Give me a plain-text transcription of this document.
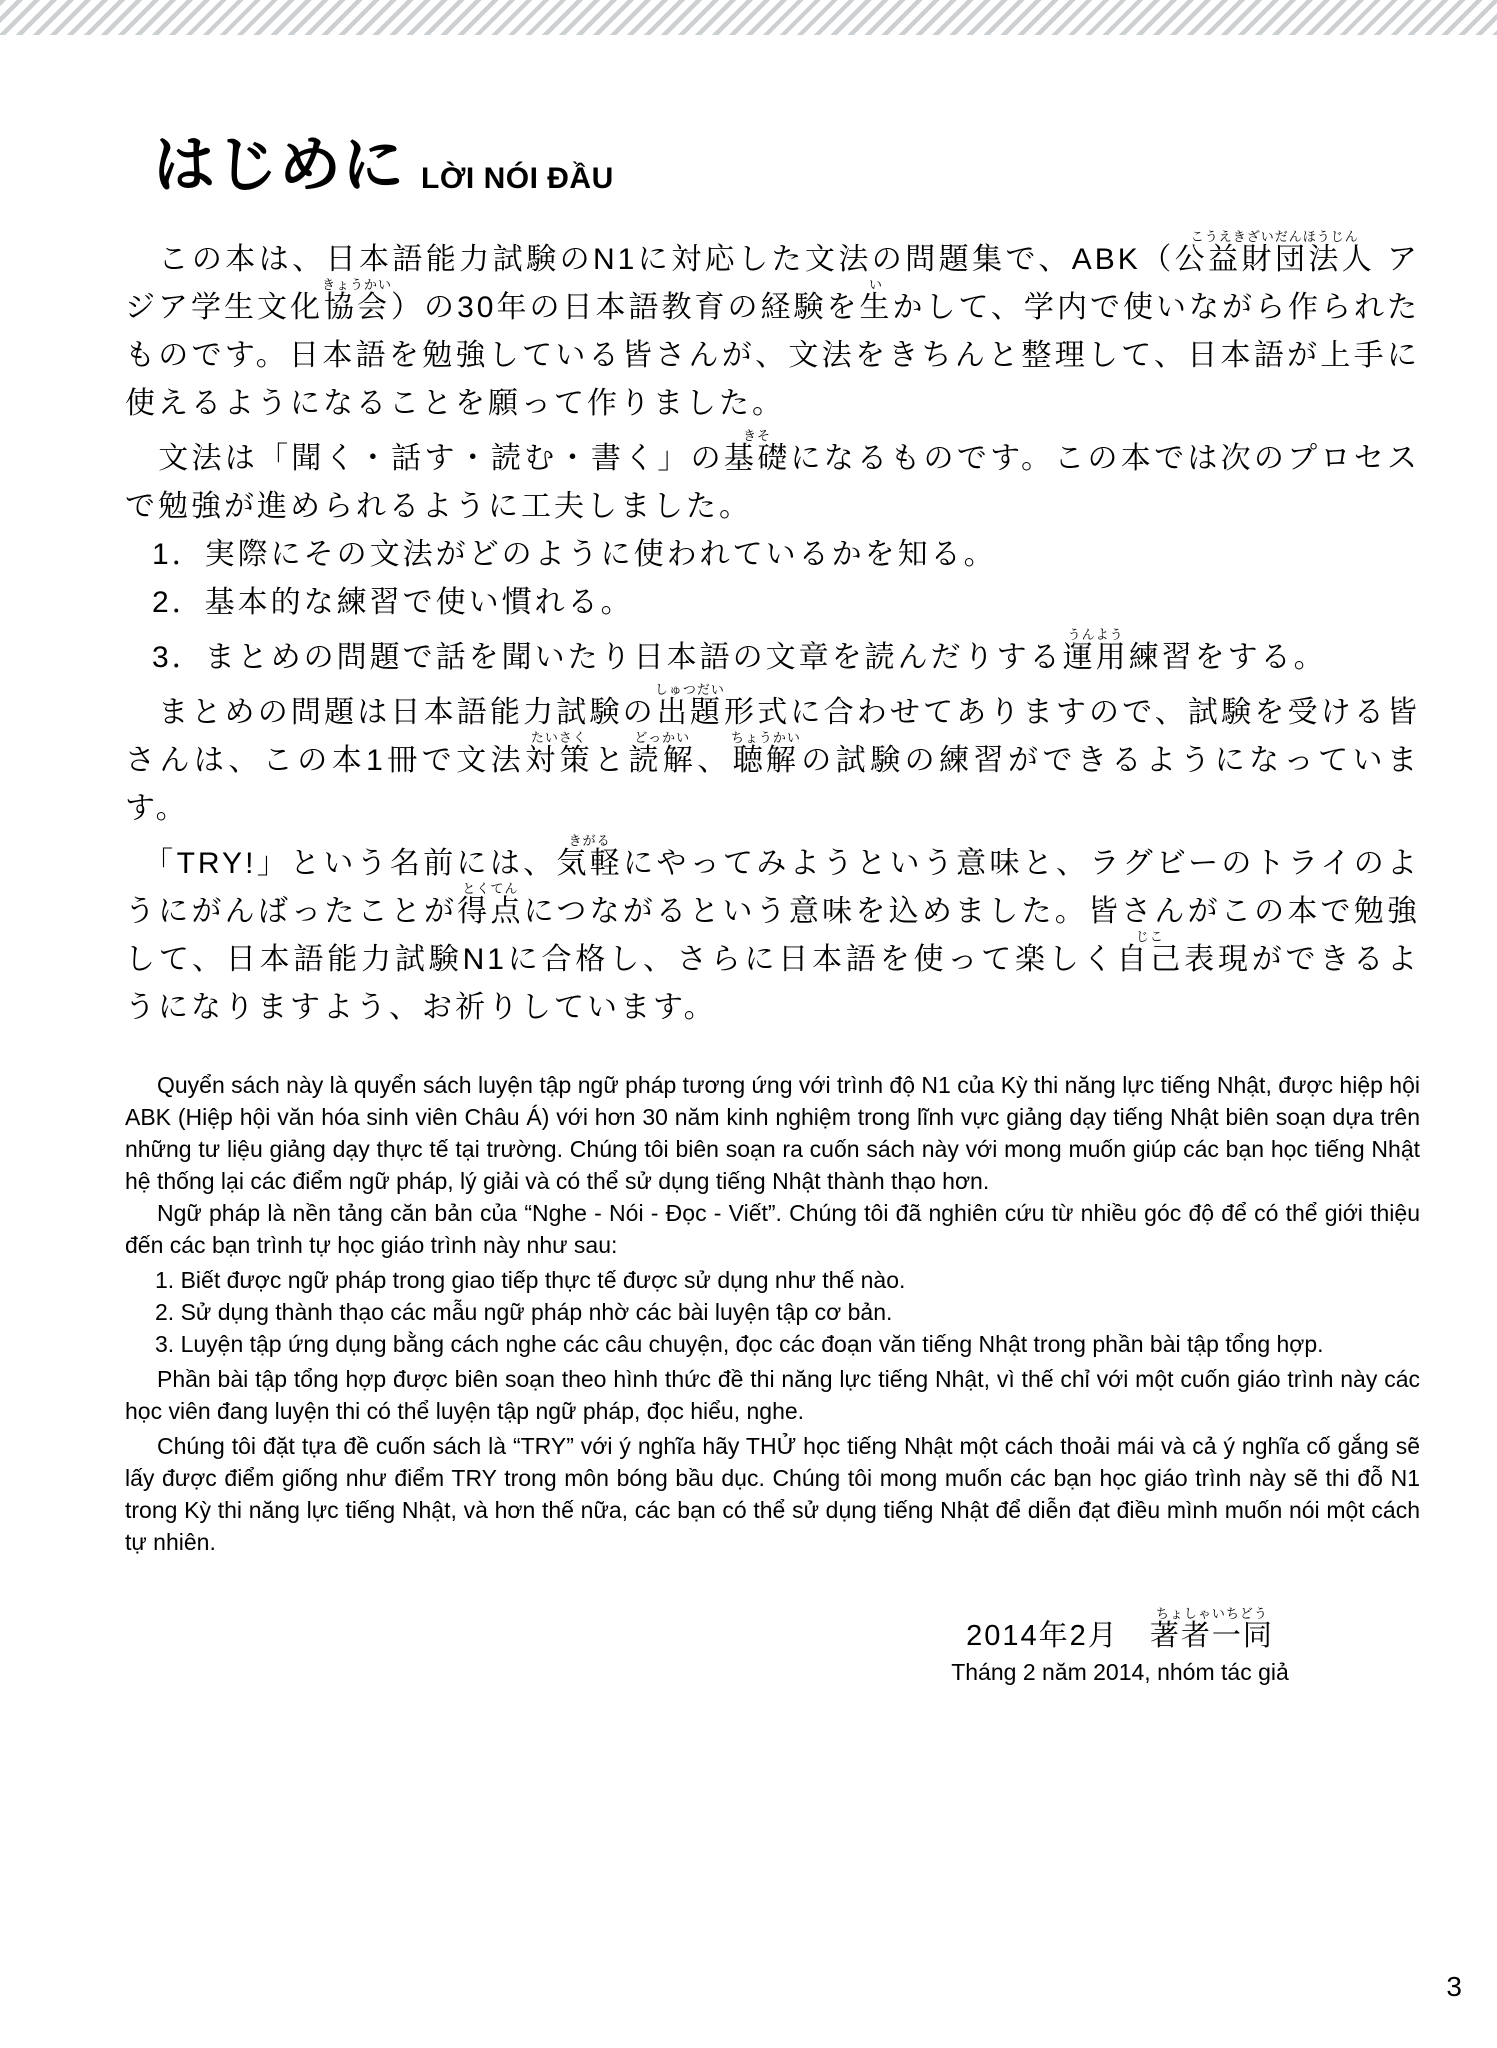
はじめに LỜI NÓI ĐẦU

　この本は、日本語能力試験のN1に対応した文法の問題集で、ABK（公益財団法人こうえきざいだんほうじん アジア学生文化協会きょうかい）の30年の日本語教育の経験を生いかして、学内で使いながら作られたものです。日本語を勉強している皆さんが、文法をきちんと整理して、日本語が上手に使えるようになることを願って作りました。

　文法は「聞く・話す・読む・書く」の基礎きそになるものです。この本では次のプロセスで勉強が進められるように工夫しました。

1．実際にその文法がどのように使われているかを知る。

2．基本的な練習で使い慣れる。

3．まとめの問題で話を聞いたり日本語の文章を読んだりする運用うんよう練習をする。

　まとめの問題は日本語能力試験の出題しゅつだい形式に合わせてありますので、試験を受ける皆さんは、この本1冊で文法対策たいさくと読解どっかい、聴解ちょうかいの試験の練習ができるようになっています。

　「TRY!」という名前には、気軽きがるにやってみようという意味と、ラグビーのトライのようにがんばったことが得点とくてんにつながるという意味を込めました。皆さんがこの本で勉強して、日本語能力試験N1に合格し、さらに日本語を使って楽しく自己じこ表現ができるようになりますよう、お祈りしています。

Quyển sách này là quyển sách luyện tập ngữ pháp tương ứng với trình độ N1 của Kỳ thi năng lực tiếng Nhật, được hiệp hội ABK (Hiệp hội văn hóa sinh viên Châu Á) với hơn 30 năm kinh nghiệm trong lĩnh vực giảng dạy tiếng Nhật biên soạn dựa trên những tư liệu giảng dạy thực tế tại trường. Chúng tôi biên soạn ra cuốn sách này với mong muốn giúp các bạn học tiếng Nhật hệ thống lại các điểm ngữ pháp, lý giải và có thể sử dụng tiếng Nhật thành thạo hơn.

Ngữ pháp là nền tảng căn bản của “Nghe - Nói - Đọc - Viết”. Chúng tôi đã nghiên cứu từ nhiều góc độ để có thể giới thiệu đến các bạn trình tự học giáo trình này như sau:

1. Biết được ngữ pháp trong giao tiếp thực tế được sử dụng như thế nào.

2. Sử dụng thành thạo các mẫu ngữ pháp nhờ các bài luyện tập cơ bản.

3. Luyện tập ứng dụng bằng cách nghe các câu chuyện, đọc các đoạn văn tiếng Nhật trong phần bài tập tổng hợp.

Phần bài tập tổng hợp được biên soạn theo hình thức đề thi năng lực tiếng Nhật, vì thế chỉ với một cuốn giáo trình này các học viên đang luyện thi có thể luyện tập ngữ pháp, đọc hiểu, nghe.

Chúng tôi đặt tựa đề cuốn sách là “TRY” với ý nghĩa hãy THỬ học tiếng Nhật một cách thoải mái và cả ý nghĩa cố gắng sẽ lấy được điểm giống như điểm TRY trong môn bóng bầu dục. Chúng tôi mong muốn các bạn học giáo trình này sẽ thi đỗ N1 trong Kỳ thi năng lực tiếng Nhật, và hơn thế nữa, các bạn có thể sử dụng tiếng Nhật để diễn đạt điều mình muốn nói một cách tự nhiên.

2014年2月　著者一同ちょしゃいちどう
Tháng 2 năm 2014, nhóm tác giả
3
